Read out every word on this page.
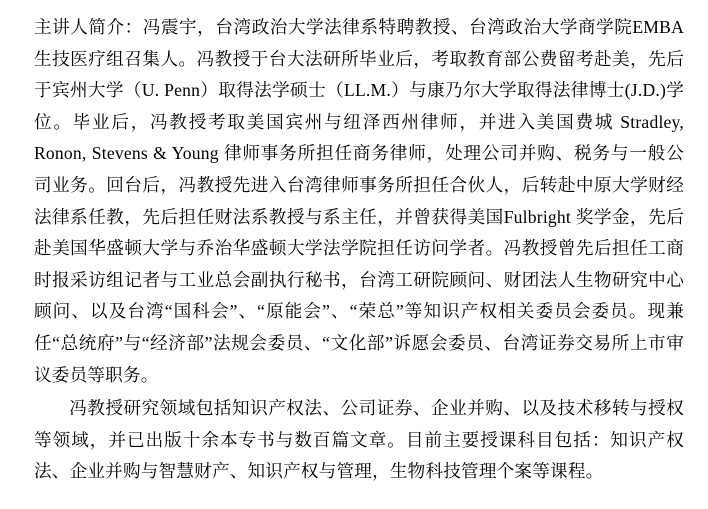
主讲人简介：冯震宇，台湾政治大学法律系特聘教授、台湾政治大学商学院EMBA 生技医疗组召集人。冯教授于台大法研所毕业后，考取教育部公费留考赴美，先后于宾州大学（U. Penn）取得法学硕士（LL.M.）与康乃尔大学取得法律博士(J.D.)学位。毕业后，冯教授考取美国宾州与纽泽西州律师，并进入美国费城 Stradley, Ronon, Stevens & Young 律师事务所担任商务律师，处理公司并购、税务与一般公司业务。回台后，冯教授先进入台湾律师事务所担任合伙人，后转赴中原大学财经法律系任教，先后担任财法系教授与系主任，并曾获得美国Fulbright 奖学金，先后赴美国华盛顿大学与乔治华盛顿大学法学院担任访问学者。冯教授曾先后担任工商时报采访组记者与工业总会副执行秘书，台湾工研院顾问、财团法人生物研究中心顾问、以及台湾“国科会”、“原能会”、“荣总”等知识产权相关委员会委员。现兼任“总统府”与“经济部”法规会委员、“文化部”诉愿会委员、台湾证券交易所上市审议委员等职务。

冯教授研究领域包括知识产权法、公司证券、企业并购、以及技术移转与授权等领域，并已出版十余本专书与数百篇文章。目前主要授课科目包括：知识产权法、企业并购与智慧财产、知识产权与管理，生物科技管理个案等课程。
